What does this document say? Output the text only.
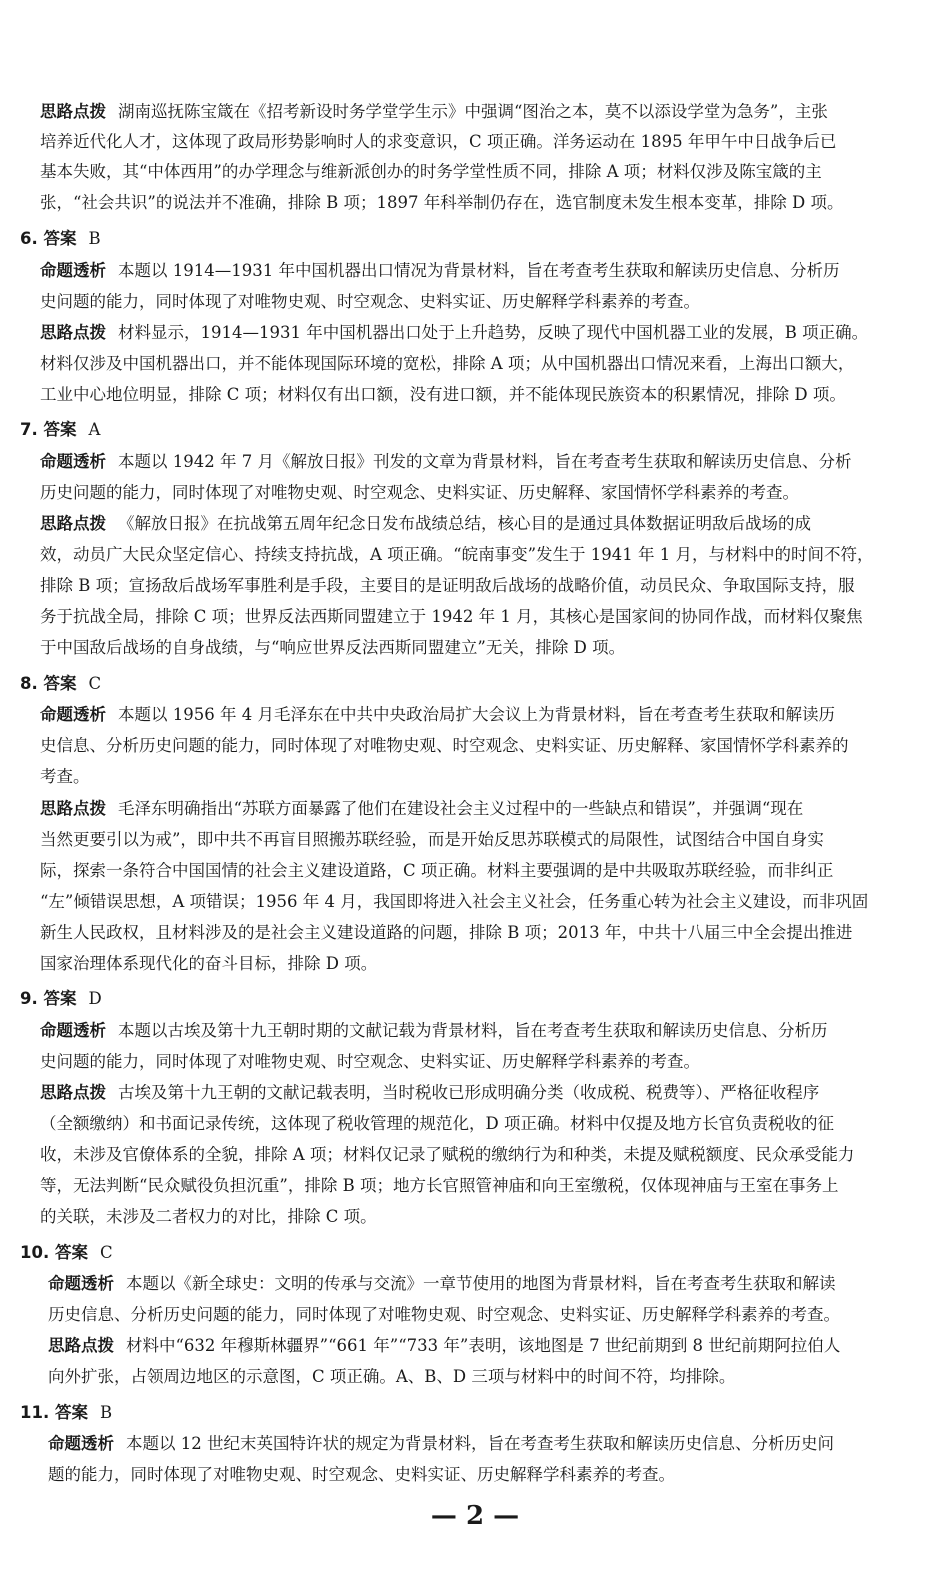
思路点拨 湖南巡抚陈宝箴在《招考新设时务学堂学生示》中强调“图治之本，莫不以添设学堂为急务”，主张
培养近代化人才，这体现了政局形势影响时人的求变意识，C 项正确。洋务运动在 1895 年甲午中日战争后已
基本失败，其“中体西用”的办学理念与维新派创办的时务学堂性质不同，排除 A 项；材料仅涉及陈宝箴的主
张，“社会共识”的说法并不准确，排除 B 项；1897 年科举制仍存在，选官制度未发生根本变革，排除 D 项。
6. 答案 B
命题透析 本题以 1914—1931 年中国机器出口情况为背景材料，旨在考查考生获取和解读历史信息、分析历
史问题的能力，同时体现了对唯物史观、时空观念、史料实证、历史解释学科素养的考查。
思路点拨 材料显示，1914—1931 年中国机器出口处于上升趋势，反映了现代中国机器工业的发展，B 项正确。
材料仅涉及中国机器出口，并不能体现国际环境的宽松，排除 A 项；从中国机器出口情况来看，上海出口额大，
工业中心地位明显，排除 C 项；材料仅有出口额，没有进口额，并不能体现民族资本的积累情况，排除 D 项。
7. 答案 A
命题透析 本题以 1942 年 7 月《解放日报》刊发的文章为背景材料，旨在考查考生获取和解读历史信息、分析
历史问题的能力，同时体现了对唯物史观、时空观念、史料实证、历史解释、家国情怀学科素养的考查。
思路点拨 《解放日报》在抗战第五周年纪念日发布战绩总结，核心目的是通过具体数据证明敌后战场的成
效，动员广大民众坚定信心、持续支持抗战，A 项正确。“皖南事变”发生于 1941 年 1 月，与材料中的时间不符，
排除 B 项；宣扬敌后战场军事胜利是手段，主要目的是证明敌后战场的战略价值，动员民众、争取国际支持，服
务于抗战全局，排除 C 项；世界反法西斯同盟建立于 1942 年 1 月，其核心是国家间的协同作战，而材料仅聚焦
于中国敌后战场的自身战绩，与“响应世界反法西斯同盟建立”无关，排除 D 项。
8. 答案 C
命题透析 本题以 1956 年 4 月毛泽东在中共中央政治局扩大会议上为背景材料，旨在考查考生获取和解读历
史信息、分析历史问题的能力，同时体现了对唯物史观、时空观念、史料实证、历史解释、家国情怀学科素养的
考查。
思路点拨 毛泽东明确指出“苏联方面暴露了他们在建设社会主义过程中的一些缺点和错误”，并强调“现在
当然更要引以为戒”，即中共不再盲目照搬苏联经验，而是开始反思苏联模式的局限性，试图结合中国自身实
际，探索一条符合中国国情的社会主义建设道路，C 项正确。材料主要强调的是中共吸取苏联经验，而非纠正
“左”倾错误思想，A 项错误；1956 年 4 月，我国即将进入社会主义社会，任务重心转为社会主义建设，而非巩固
新生人民政权，且材料涉及的是社会主义建设道路的问题，排除 B 项；2013 年，中共十八届三中全会提出推进
国家治理体系现代化的奋斗目标，排除 D 项。
9. 答案 D
命题透析 本题以古埃及第十九王朝时期的文献记载为背景材料，旨在考查考生获取和解读历史信息、分析历
史问题的能力，同时体现了对唯物史观、时空观念、史料实证、历史解释学科素养的考查。
思路点拨 古埃及第十九王朝的文献记载表明，当时税收已形成明确分类（收成税、税费等）、严格征收程序
（全额缴纳）和书面记录传统，这体现了税收管理的规范化，D 项正确。材料中仅提及地方长官负责税收的征
收，未涉及官僚体系的全貌，排除 A 项；材料仅记录了赋税的缴纳行为和种类，未提及赋税额度、民众承受能力
等，无法判断“民众赋役负担沉重”，排除 B 项；地方长官照管神庙和向王室缴税，仅体现神庙与王室在事务上
的关联，未涉及二者权力的对比，排除 C 项。
10. 答案 C
命题透析 本题以《新全球史：文明的传承与交流》一章节使用的地图为背景材料，旨在考查考生获取和解读
历史信息、分析历史问题的能力，同时体现了对唯物史观、时空观念、史料实证、历史解释学科素养的考查。
思路点拨 材料中“632 年穆斯林疆界”“661 年”“733 年”表明，该地图是 7 世纪前期到 8 世纪前期阿拉伯人
向外扩张，占领周边地区的示意图，C 项正确。A、B、D 三项与材料中的时间不符，均排除。
11. 答案 B
命题透析 本题以 12 世纪末英国特许状的规定为背景材料，旨在考查考生获取和解读历史信息、分析历史问
题的能力，同时体现了对唯物史观、时空观念、史料实证、历史解释学科素养的考查。
— 2 —
